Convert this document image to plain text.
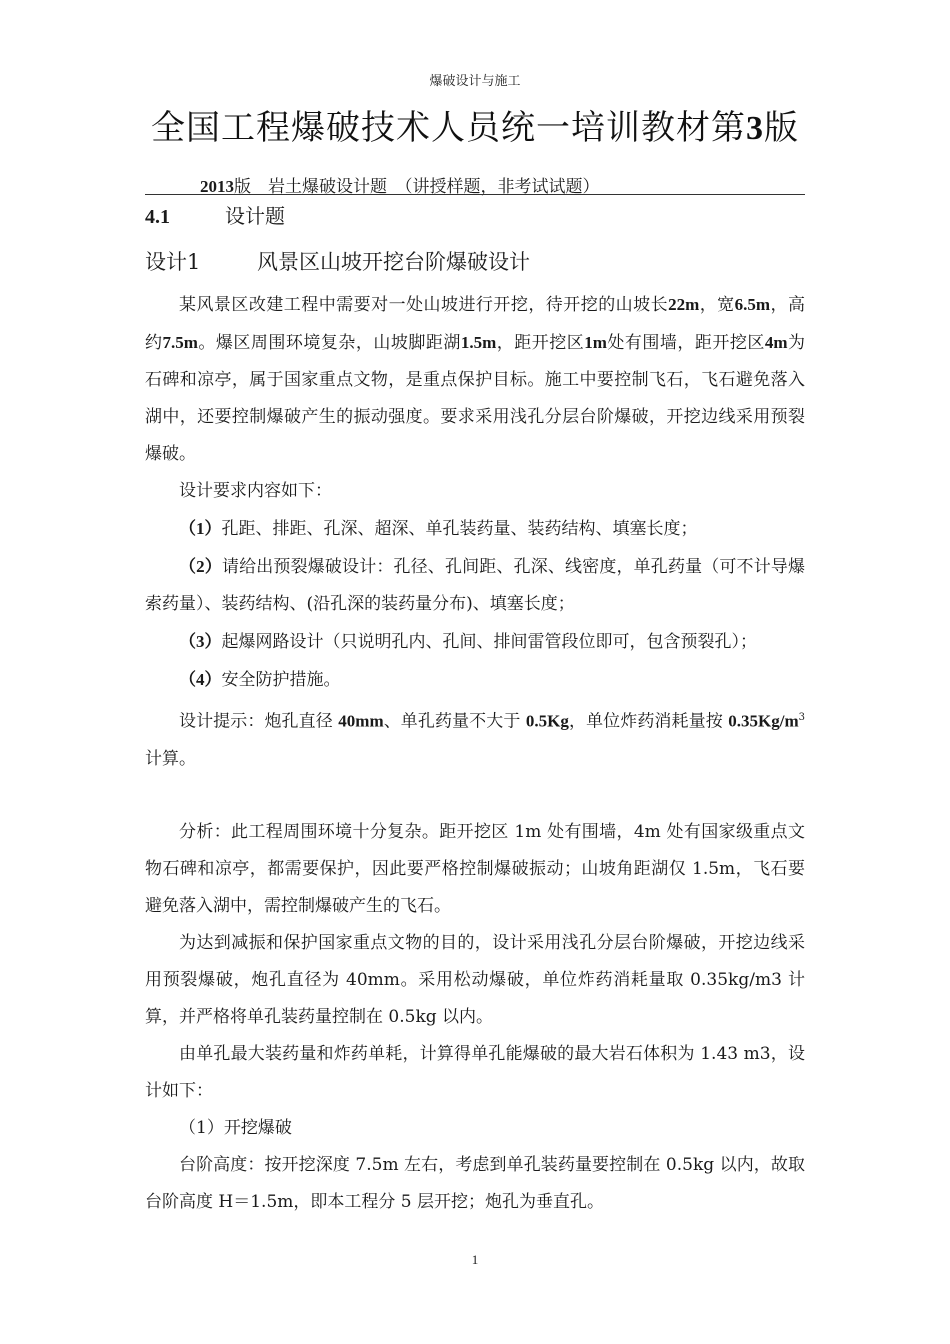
爆破设计与施工
全国工程爆破技术人员统一培训教材第3版
2013版　岩土爆破设计题　（讲授样题，非考试试题）
4.1	设计题
设计1	风景区山坡开挖台阶爆破设计

某风景区改建工程中需要对一处山坡进行开挖，待开挖的山坡长22m，宽6.5m，高约7.5m。爆区周围环境复杂，山坡脚距湖1.5m，距开挖区1m处有围墙，距开挖区4m为石碑和凉亭，属于国家重点文物，是重点保护目标。施工中要控制飞石，飞石避免落入湖中，还要控制爆破产生的振动强度。要求采用浅孔分层台阶爆破，开挖边线采用预裂爆破。

设计要求内容如下：

（1）孔距、排距、孔深、超深、单孔装药量、装药结构、填塞长度；

（2）请给出预裂爆破设计：孔径、孔间距、孔深、线密度，单孔药量（可不计导爆索药量）、装药结构、(沿孔深的装药量分布)、填塞长度；

（3）起爆网路设计（只说明孔内、孔间、排间雷管段位即可，包含预裂孔）；

（4）安全防护措施。

设计提示：炮孔直径 40mm、单孔药量不大于 0.5Kg，单位炸药消耗量按 $0.35Kg/m^3$计算。

分析：此工程周围环境十分复杂。距开挖区 1m 处有围墙，4m 处有国家级重点文物石碑和凉亭，都需要保护，因此要严格控制爆破振动；山坡角距湖仅 1.5m，飞石要避免落入湖中，需控制爆破产生的飞石。

为达到减振和保护国家重点文物的目的，设计采用浅孔分层台阶爆破，开挖边线采用预裂爆破，炮孔直径为 40mm。采用松动爆破，单位炸药消耗量取 0.35kg/m3 计算，并严格将单孔装药量控制在 0.5kg 以内。

由单孔最大装药量和炸药单耗，计算得单孔能爆破的最大岩石体积为 1.43 m3，设计如下：

（1）开挖爆破

台阶高度：按开挖深度 7.5m 左右，考虑到单孔装药量要控制在 0.5kg 以内，故取台阶高度 H＝1.5m，即本工程分 5 层开挖；炮孔为垂直孔。

1
